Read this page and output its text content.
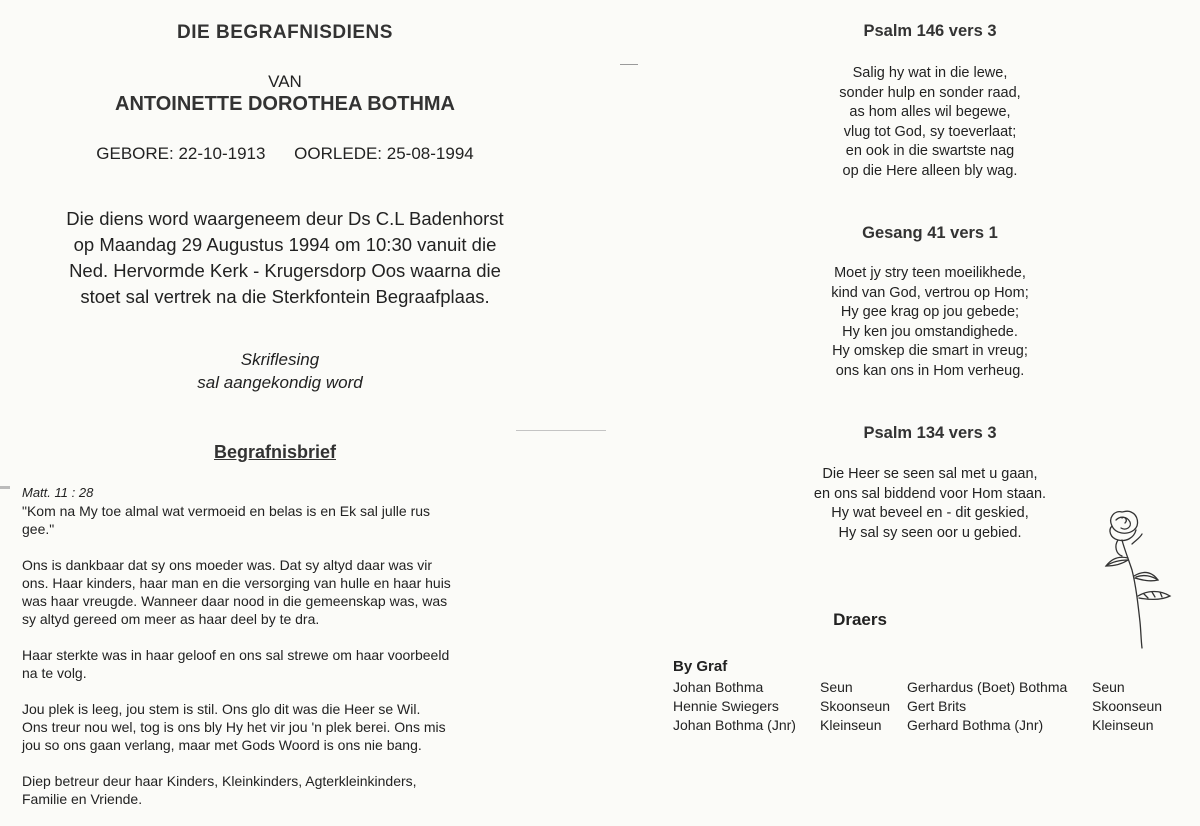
DIE BEGRAFNISDIENS
VAN
ANTOINETTE DOROTHEA BOTHMA
GEBORE: 22-10-1913 OORLEDE: 25-08-1994
Die diens word waargeneem deur Ds C.L Badenhorst
op Maandag 29 Augustus 1994 om 10:30 vanuit die
Ned. Hervormde Kerk - Krugersdorp Oos waarna die
stoet sal vertrek na die Sterkfontein Begraafplaas.
Skriflesing
sal aangekondig word
Begrafnisbrief
Matt. 11 : 28

"Kom na My toe almal wat vermoeid en belas is en Ek sal julle rus
gee."

Ons is dankbaar dat sy ons moeder was. Dat sy altyd daar was vir
ons. Haar kinders, haar man en die versorging van hulle en haar huis
was haar vreugde. Wanneer daar nood in die gemeenskap was, was
sy altyd gereed om meer as haar deel by te dra.

Haar sterkte was in haar geloof en ons sal strewe om haar voorbeeld
na te volg.

Jou plek is leeg, jou stem is stil. Ons glo dit was die Heer se Wil.
Ons treur nou wel, tog is ons bly Hy het vir jou 'n plek berei. Ons mis
jou so ons gaan verlang, maar met Gods Woord is ons nie bang.

Diep betreur deur haar Kinders, Kleinkinders, Agterkleinkinders,
Familie en Vriende.

Psalm 146 vers 3
Salig hy wat in die lewe,
sonder hulp en sonder raad,
as hom alles wil begewe,
vlug tot God, sy toeverlaat;
en ook in die swartste nag
op die Here alleen bly wag.
Gesang 41 vers 1
Moet jy stry teen moeilikhede,
kind van God, vertrou op Hom;
Hy gee krag op jou gebede;
Hy ken jou omstandighede.
Hy omskep die smart in vreug;
ons kan ons in Hom verheug.
Psalm 134 vers 3
Die Heer se seen sal met u gaan,
en ons sal biddend voor Hom staan.
Hy wat beveel en - dit geskied,
Hy sal sy seen oor u gebied.
Draers
By Graf
Johan Bothma	Seun	Gerhardus (Boet) Bothma	Seun
Hennie Swiegers	Skoonseun	Gert Brits	Skoonseun
Johan Bothma (Jnr)	Kleinseun	Gerhard Bothma (Jnr)	Kleinseun
